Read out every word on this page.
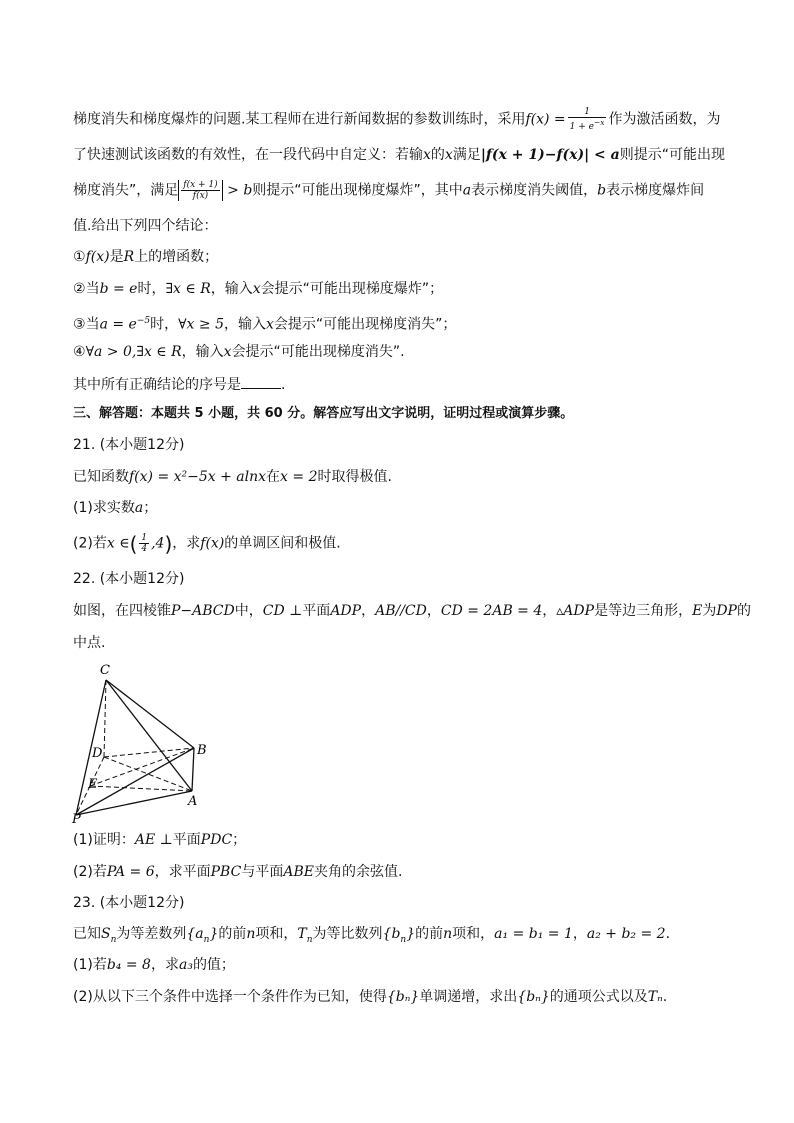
梯度消失和梯度爆炸的问题.某工程师在进行新闻数据的参数训练时，采用$f(x) = \frac{1}{1 + e^{-x}}$ 作为激活函数，为
了快速测试该函数的有效性，在一段代码中自定义：若输x的x满足|f(x + 1)−f(x)| < a则提示“可能出现
梯度消失”，满足 $\frac{f(x + 1)}{f(x)} > b$则提示“可能出现梯度爆炸”，其中a表示梯度消失阈值，b表示梯度爆炸间
值.给出下列四个结论：
①f(x)是R上的增函数；
②当b = e时，∃x ∈ R，输入x会提示“可能出现梯度爆炸”；
③当$a = e^{-5}$时，∀x ≥ 5，输入x会提示“可能出现梯度消失”；
④∀a > 0,∃x ∈ R，输入x会提示“可能出现梯度消失”.
其中所有正确结论的序号是	.
三、解答题：本题共 5 小题，共 60 分。解答应写出文字说明，证明过程或演算步骤。
21. (本小题12分)
已知函数f(x) = x²−5x + alnx在x = 2时取得极值.
(1)求实数a；
(2)若x ∈( $\frac{1}{4} ,4$)，求f(x)的单调区间和极值.
22. (本小题12分)
如图，在四棱锥P−ABCD中，CD ⊥平面ADP，AB//CD，CD = 2AB = 4，▵ADP是等边三角形，E为DP的
中点.
C
D	B
E
A
P
(1)证明：AE ⊥平面PDC；
(2)若PA = 6，求平面PBC与平面ABE夹角的余弦值.
23. (本小题12分)
已知$S_n$为等差数列$\{a_n\}$的前n项和，$T_n$为等比数列$\{b_n\}$的前n项和，a₁ = b₁ = 1，a₂ + b₂ = 2.
(1)若b₄ = 8，求a₃的值；
(2)从以下三个条件中选择一个条件作为已知，使得{bₙ}单调递增，求出{bₙ}的通项公式以及Tₙ.
